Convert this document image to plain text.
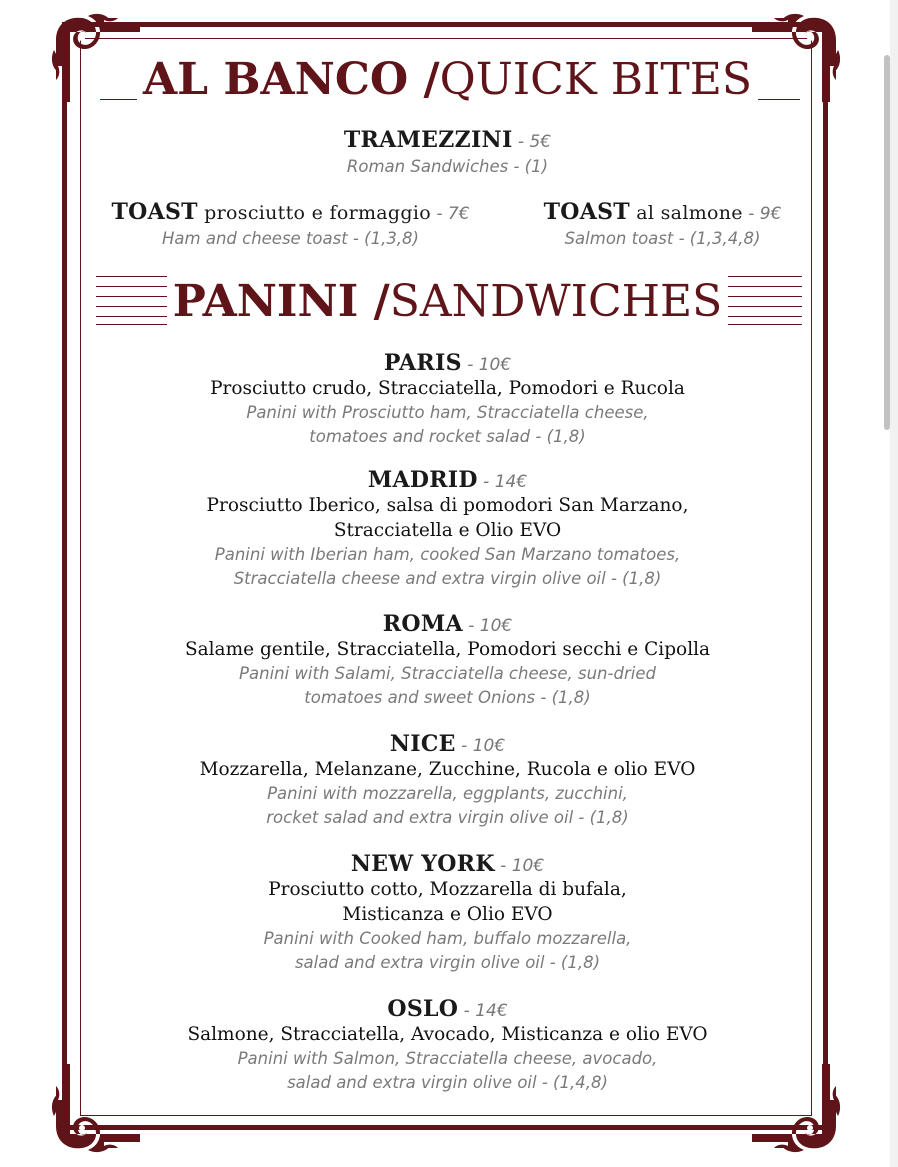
AL BANCO /QUICK BITES
TRAMEZZINI - 5€
Roman Sandwiches - (1)
TOAST prosciutto e formaggio - 7€
Ham and cheese toast - (1,3,8)
TOAST al salmone - 9€
Salmon toast - (1,3,4,8)
PANINI /SANDWICHES
PARIS - 10€
Prosciutto crudo, Stracciatella, Pomodori e Rucola
Panini with Prosciutto ham, Stracciatella cheese,
tomatoes and rocket salad - (1,8)
MADRID - 14€
Prosciutto Iberico, salsa di pomodori San Marzano,
Stracciatella e Olio EVO
Panini with Iberian ham, cooked San Marzano tomatoes,
Stracciatella cheese and extra virgin olive oil - (1,8)
ROMA - 10€
Salame gentile, Stracciatella, Pomodori secchi e Cipolla
Panini with Salami, Stracciatella cheese, sun-dried
tomatoes and sweet Onions - (1,8)
NICE - 10€
Mozzarella, Melanzane, Zucchine, Rucola e olio EVO
Panini with mozzarella, eggplants, zucchini,
rocket salad and extra virgin olive oil - (1,8)
NEW YORK - 10€
Prosciutto cotto, Mozzarella di bufala,
Misticanza e Olio EVO
Panini with Cooked ham, buffalo mozzarella,
salad and extra virgin olive oil - (1,8)
OSLO - 14€
Salmone, Stracciatella, Avocado, Misticanza e olio EVO
Panini with Salmon, Stracciatella cheese, avocado,
salad and extra virgin olive oil - (1,4,8)
